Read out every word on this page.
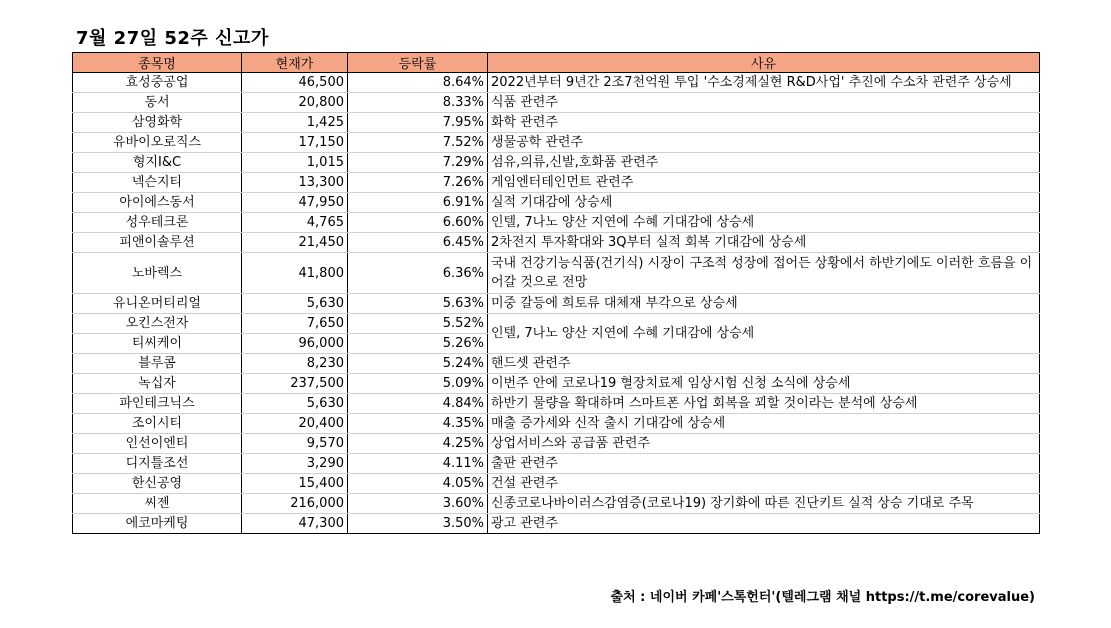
7월 27일 52주 신고가
종목명	현재가	등락률	사유
효성중공업	46,500	8.64%	2022년부터 9년간 2조7천억원 투입 '수소경제실현 R&D사업' 추진에 수소차 관련주 상승세
동서	20,800	8.33%	식품 관련주
삼영화학	1,425	7.95%	화학 관련주
유바이오로직스	17,150	7.52%	생물공학 관련주
형지I&C	1,015	7.29%	섬유,의류,신발,호화품 관련주
넥슨지티	13,300	7.26%	게임엔터테인먼트 관련주
아이에스동서	47,950	6.91%	실적 기대감에 상승세
성우테크론	4,765	6.60%	인텔, 7나노 양산 지연에 수혜 기대감에 상승세
피앤이솔루션	21,450	6.45%	2차전지 투자확대와 3Q부터 실적 회복 기대감에 상승세
노바렉스	41,800	6.36%	국내 건강기능식품(건기식) 시장이 구조적 성장에 접어든 상황에서 하반기에도 이러한 흐름을 이어갈 것으로 전망
유니온머티리얼	5,630	5.63%	미중 갈등에 희토류 대체재 부각으로 상승세
오킨스전자	7,650	5.52%	인텔, 7나노 양산 지연에 수혜 기대감에 상승세
티씨케이	96,000	5.26%	
블루콤	8,230	5.24%	핸드셋 관련주
녹십자	237,500	5.09%	이번주 안에 코로나19 혈장치료제 임상시험 신청 소식에 상승세
파인테크닉스	5,630	4.84%	하반기 물량을 확대하며 스마트폰 사업 회복을 꾀할 것이라는 분석에 상승세
조이시티	20,400	4.35%	매출 증가세와 신작 출시 기대감에 상승세
인선이엔티	9,570	4.25%	상업서비스와 공급품 관련주
디지틀조선	3,290	4.11%	출판 관련주
한신공영	15,400	4.05%	건설 관련주
씨젠	216,000	3.60%	신종코로나바이러스감염증(코로나19) 장기화에 따른 진단키트 실적 상승 기대로 주목
에코마케팅	47,300	3.50%	광고 관련주
출처 : 네이버 카페'스톡헌터'(텔레그램 채널 https://t.me/corevalue)
